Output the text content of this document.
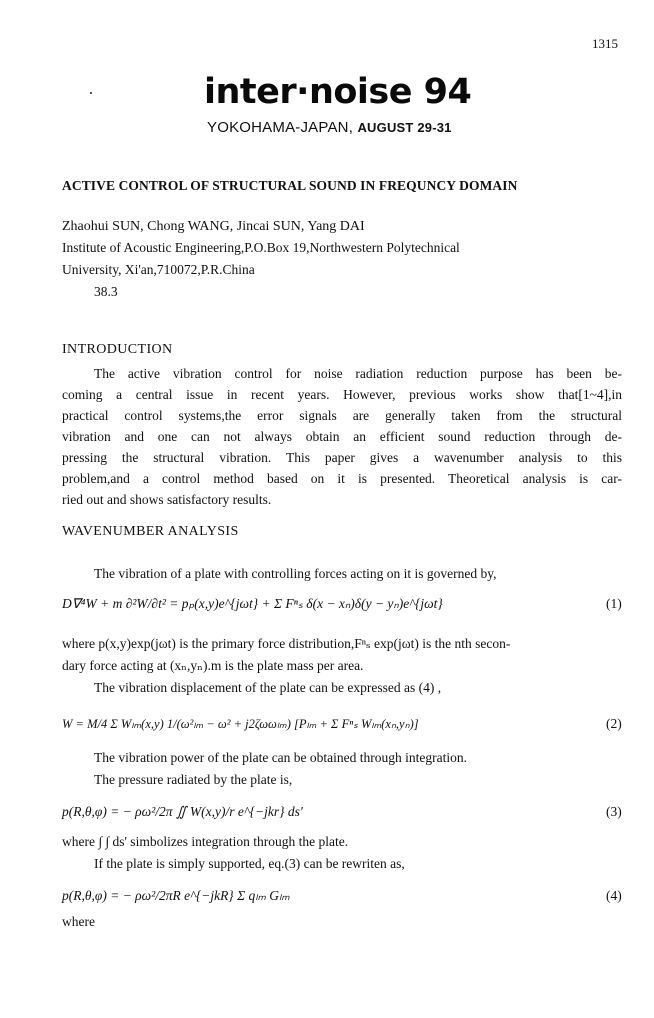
1315
inter·noise 94
YOKOHAMA-JAPAN, AUGUST 29-31
ACTIVE CONTROL OF STRUCTURAL SOUND IN FREQUNCY DOMAIN
Zhaohui SUN, Chong WANG, Jincai SUN, Yang DAI
Institute of Acoustic Engineering,P.O.Box 19,Northwestern Polytechnical
University, Xi'an,710072,P.R.China
38.3
INTRODUCTION
The active vibration control for noise radiation reduction purpose has been be-
coming a central issue in recent years. However, previous works show that[1~4],in
practical control systems,the error signals are generally taken from the structural
vibration and one can not always obtain an efficient sound reduction through de-
pressing the structural vibration. This paper gives a wavenumber analysis to this
problem,and a control method based on it is presented. Theoretical analysis is car-
ried out and shows satisfactory results.
WAVENUMBER ANALYSIS
The vibration of a plate with controlling forces acting on it is governed by,
D∇⁴W + m ∂²W/∂t² = pₚ(x,y)e^{jωt} + Σ Fⁿₛ δ(x − xₙ)δ(y − yₙ)e^{jωt}	(1)
where p(x,y)exp(jωt) is the primary force distribution,Fⁿₛ exp(jωt) is the nth secon-
dary force acting at (xₙ,yₙ).m is the plate mass per area.
The vibration displacement of the plate can be expressed as (4) ,
W = M/4 Σ Wₗₘ(x,y) 1/(ω²ₗₘ − ω² + j2ζωωₗₘ) [Pₗₘ + Σ Fⁿₛ Wₗₘ(xₙ,yₙ)]	(2)
The vibration power of the plate can be obtained through integration.
The pressure radiated by the plate is,
p(R,θ,φ) = − ρω²/2π ∬ W(x,y)/r e^{−jkr} ds'	(3)
where ∫ ∫ ds' simbolizes integration through the plate.
If the plate is simply supported, eq.(3) can be rewriten as,
p(R,θ,φ) = − ρω²/2πR e^{−jkR} Σ qₗₘ Gₗₘ	(4)
where
